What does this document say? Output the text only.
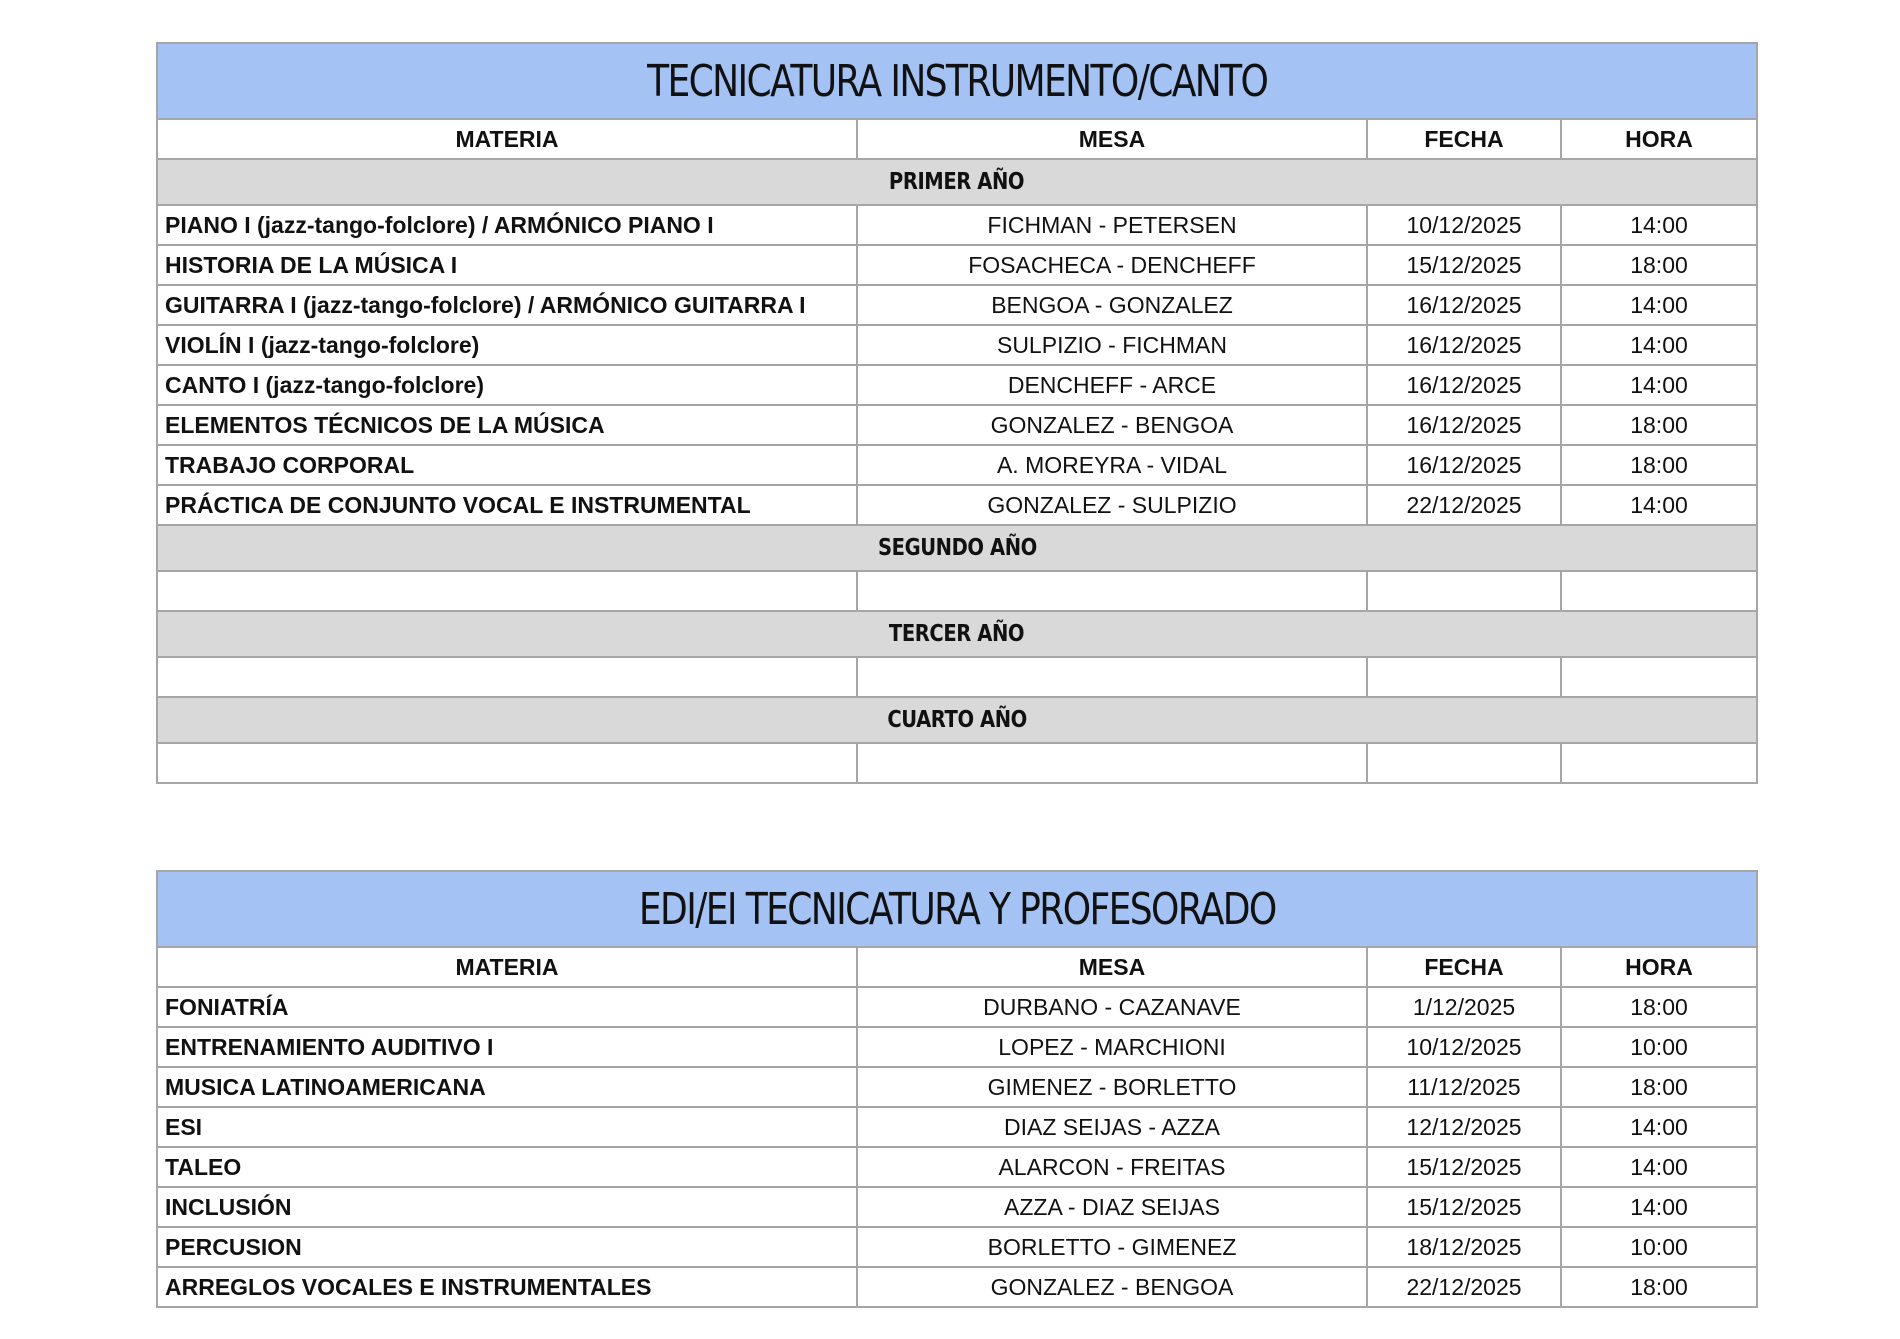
TECNICATURA INSTRUMENTO/CANTO			
MATERIA	MESA	FECHA	HORA
PRIMER AÑO			
PIANO I (jazz-tango-folclore) / ARMÓNICO PIANO I	FICHMAN - PETERSEN	10/12/2025	14:00
HISTORIA DE LA MÚSICA I	FOSACHECA - DENCHEFF	15/12/2025	18:00
GUITARRA I (jazz-tango-folclore) / ARMÓNICO GUITARRA I	BENGOA - GONZALEZ	16/12/2025	14:00
VIOLÍN I (jazz-tango-folclore)	SULPIZIO - FICHMAN	16/12/2025	14:00
CANTO I (jazz-tango-folclore)	DENCHEFF - ARCE	16/12/2025	14:00
ELEMENTOS TÉCNICOS DE LA MÚSICA	GONZALEZ - BENGOA	16/12/2025	18:00
TRABAJO CORPORAL	A. MOREYRA - VIDAL	16/12/2025	18:00
PRÁCTICA DE CONJUNTO VOCAL E INSTRUMENTAL	GONZALEZ - SULPIZIO	22/12/2025	14:00
SEGUNDO AÑO			

TERCER AÑO			

CUARTO AÑO			

EDI/EI TECNICATURA Y PROFESORADO			
MATERIA	MESA	FECHA	HORA
FONIATRÍA	DURBANO - CAZANAVE	1/12/2025	18:00
ENTRENAMIENTO AUDITIVO I	LOPEZ - MARCHIONI	10/12/2025	10:00
MUSICA LATINOAMERICANA	GIMENEZ - BORLETTO	11/12/2025	18:00
ESI	DIAZ SEIJAS - AZZA	12/12/2025	14:00
TALEO	ALARCON - FREITAS	15/12/2025	14:00
INCLUSIÓN	AZZA - DIAZ SEIJAS	15/12/2025	14:00
PERCUSION	BORLETTO - GIMENEZ	18/12/2025	10:00
ARREGLOS VOCALES E INSTRUMENTALES	GONZALEZ - BENGOA	22/12/2025	18:00
